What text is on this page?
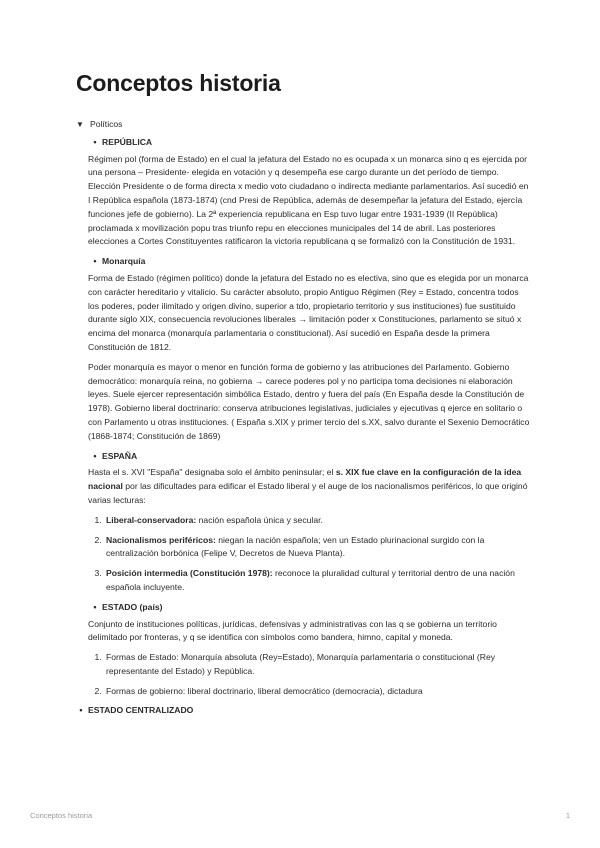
Conceptos historia
▼ Políticos
• REPÚBLICA

Régimen pol (forma de Estado) en el cual la jefatura del Estado no es ocupada x un monarca sino q es ejercida por una persona – Presidente- elegida en votación y q desempeña ese cargo durante un det período de tiempo. Elección Presidente o de forma directa x medio voto ciudadano o indirecta mediante parlamentarios. Así sucedió en I República española (1873-1874) (cnd Presi de República, además de desempeñar la jefatura del Estado, ejercía funciones jefe de gobierno). La 2ª experiencia republicana en Esp tuvo lugar entre 1931-1939 (II República) proclamada x movilización popu tras triunfo repu en elecciones municipales del 14 de abril. Las posteriores elecciones a Cortes Constituyentes ratificaron la victoria republicana q se formalizó con la Constitución de 1931.

• Monarquía

Forma de Estado (régimen político) donde la jefatura del Estado no es electiva, sino que es elegida por un monarca con carácter hereditario y vitalicio. Su carácter absoluto, propio Antiguo Régimen (Rey = Estado, concentra todos los poderes, poder ilimitado y origen divino, superior a tdo, propietario territorio y sus instituciones) fue sustituido durante siglo XIX, consecuencia revoluciones liberales → limitación poder x Constituciones, parlamento se situó x encima del monarca (monarquía parlamentaria o constitucional). Así sucedió en España desde la primera Constitución de 1812.

Poder monarquía es mayor o menor en función forma de gobierno y las atribuciones del Parlamento. Gobierno democrático: monarquía reina, no gobierna → carece poderes pol y no participa toma decisiones ni elaboración leyes. Suele ejercer representación simbólica Estado, dentro y fuera del país (En España desde la Constitución de 1978). Gobierno liberal doctrinario: conserva atribuciones legislativas, judiciales y ejecutivas q ejerce en solitario o con Parlamento u otras instituciones. ( España s.XIX y primer tercio del s.XX, salvo durante el Sexenio Democrático (1868-1874; Constitución de 1869)

• ESPAÑA

Hasta el s. XVI "España" designaba solo el ámbito peninsular; el s. XIX fue clave en la configuración de la idea nacional por las dificultades para edificar el Estado liberal y el auge de los nacionalismos periféricos, lo que originó varias lecturas:

1. Liberal-conservadora: nación española única y secular.
2. Nacionalismos periféricos: niegan la nación española; ven un Estado plurinacional surgido con la centralización borbónica (Felipe V, Decretos de Nueva Planta).
3. Posición intermedia (Constitución 1978): reconoce la pluralidad cultural y territorial dentro de una nación española incluyente.
• ESTADO (país)

Conjunto de instituciones políticas, jurídicas, defensivas y administrativas con las q se gobierna un territorio delimitado por fronteras, y q se identifica con símbolos como bandera, himno, capital y moneda.

1. Formas de Estado: Monarquía absoluta (Rey=Estado), Monarquía parlamentaria o constitucional (Rey representante del Estado) y República.
2. Formas de gobierno: liberal doctrinario, liberal democrático (democracia), dictadura
• ESTADO CENTRALIZADO
Conceptos historia	1
